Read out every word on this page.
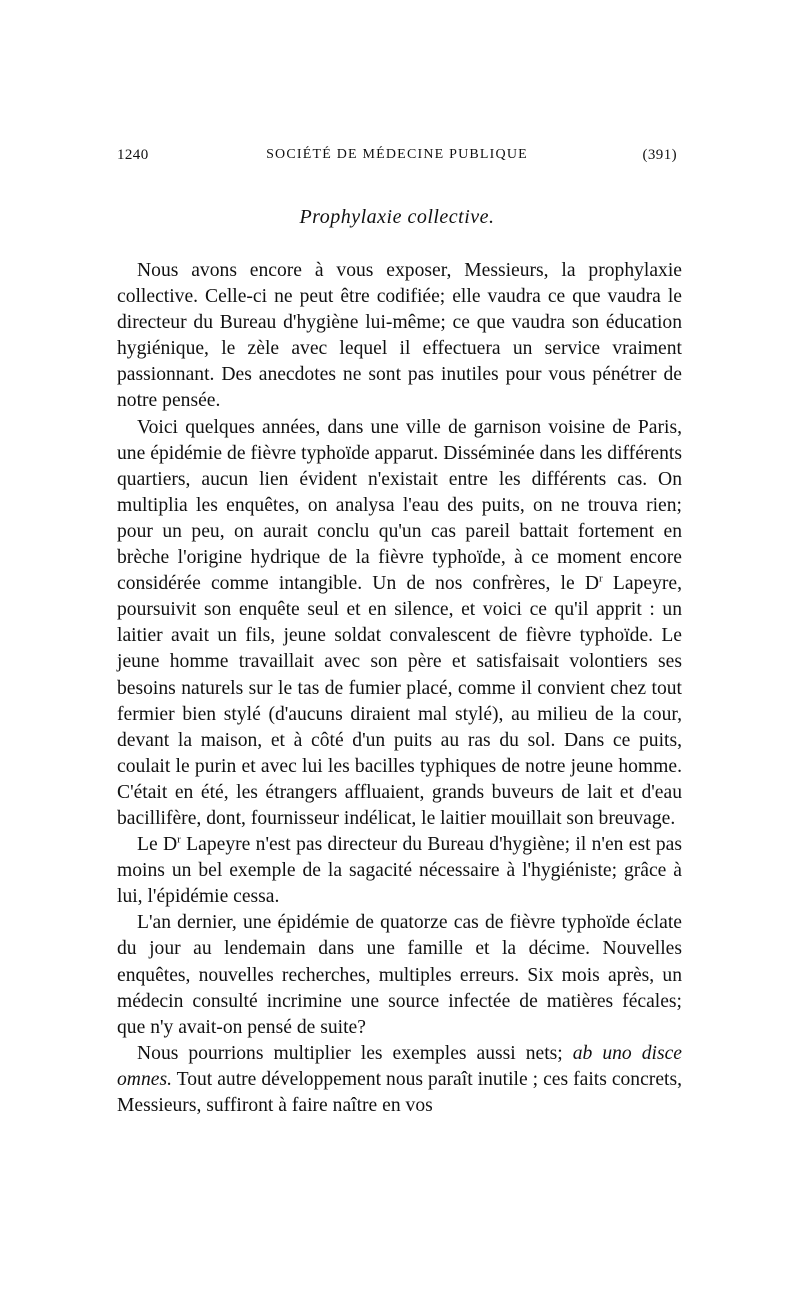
1240	SOCIÉTÉ DE MÉDECINE PUBLIQUE	(391)
Prophylaxie collective.

Nous avons encore à vous exposer, Messieurs, la prophylaxie collective. Celle-ci ne peut être codifiée; elle vaudra ce que vaudra le directeur du Bureau d'hygiène lui-même; ce que vaudra son éducation hygiénique, le zèle avec lequel il effectuera un service vraiment passionnant. Des anecdotes ne sont pas inutiles pour vous pénétrer de notre pensée.

Voici quelques années, dans une ville de garnison voisine de Paris, une épidémie de fièvre typhoïde apparut. Disséminée dans les différents quartiers, aucun lien évident n'existait entre les différents cas. On multiplia les enquêtes, on analysa l'eau des puits, on ne trouva rien; pour un peu, on aurait conclu qu'un cas pareil battait fortement en brèche l'origine hydrique de la fièvre typhoïde, à ce moment encore considérée comme intangible. Un de nos confrères, le $D^r$ Lapeyre, poursuivit son enquête seul et en silence, et voici ce qu'il apprit : un laitier avait un fils, jeune soldat convalescent de fièvre typhoïde. Le jeune homme travaillait avec son père et satisfaisait volontiers ses besoins naturels sur le tas de fumier placé, comme il convient chez tout fermier bien stylé (d'aucuns diraient mal stylé), au milieu de la cour, devant la maison, et à côté d'un puits au ras du sol. Dans ce puits, coulait le purin et avec lui les bacilles typhiques de notre jeune homme. C'était en été, les étrangers affluaient, grands buveurs de lait et d'eau bacillifère, dont, fournisseur indélicat, le laitier mouillait son breuvage.

Le $D^r$ Lapeyre n'est pas directeur du Bureau d'hygiène; il n'en est pas moins un bel exemple de la sagacité nécessaire à l'hygiéniste; grâce à lui, l'épidémie cessa.

L'an dernier, une épidémie de quatorze cas de fièvre typhoïde éclate du jour au lendemain dans une famille et la décime. Nouvelles enquêtes, nouvelles recherches, multiples erreurs. Six mois après, un médecin consulté incrimine une source infectée de matières fécales; que n'y avait-on pensé de suite?

Nous pourrions multiplier les exemples aussi nets; ab uno disce omnes. Tout autre développement nous paraît inutile ; ces faits concrets, Messieurs, suffiront à faire naître en vos
